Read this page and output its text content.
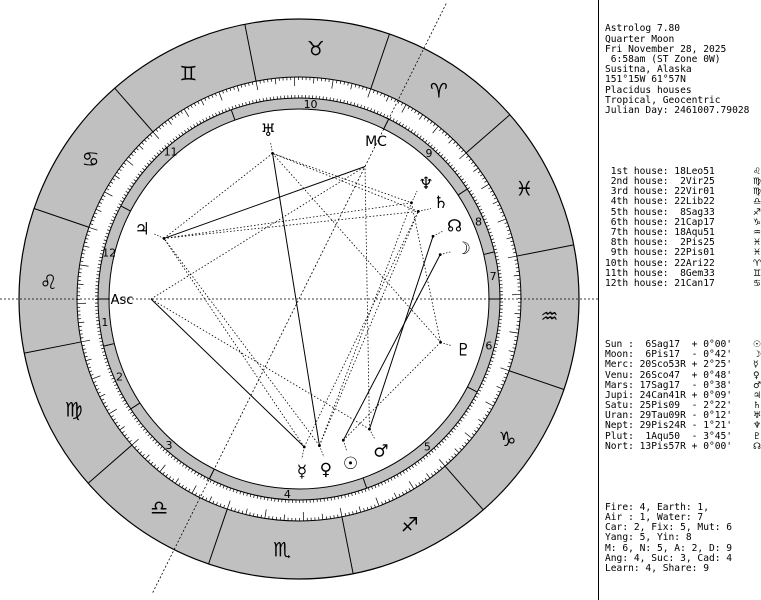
☉
☽
☿ ♀
♂
♃
♄
♅
♆
♇
☊
♌
♍
♎
♏
♐
♑
♒
♓
♈
♉
♊
♋
1
2
3
4
5
6
7
8
9
10
11
12
Asc
MC

Astrolog 7.80
Quarter Moon
Fri November 28, 2025
6:58am (ST Zone 0W)
Susitna, Alaska
151°15W 61°57N
Placidus houses
Tropical, Geocentric
Julian Day: 2461007.79028

1st house: 18Leo51	♌
2nd house:  2Vir25	♍
3rd house: 22Vir01	♍
4th house: 22Lib22	♎
5th house:  8Sag33	♐
6th house: 21Cap17	♑
7th house: 18Aqu51	♒
8th house:  2Pis25	♓
9th house: 22Pis01	♓
10th house: 22Ari22	♈
11th house:  8Gem33	♊
12th house: 21Can17	♋

Sun :  6Sag17  + 0°00' ☉
Moon:  6Pis17  - 0°42' ☽
Merc: 20Sco53R + 2°25' ☿
Venu: 26Sco47  + 0°48' ♀
Mars: 17Sag17  - 0°38' ♂
Jupi: 24Can41R + 0°09' ♃
Satu: 25Pis09  - 2°22' ♄
Uran: 29Tau09R - 0°12' ♅
Nept: 29Pis24R - 1°21' ♆
Plut:  1Aqu50  - 3°45' ♇
Nort: 13Pis57R + 0°00' ☊

Fire: 4, Earth: 1,
Air : 1, Water: 7
Car: 2, Fix: 5, Mut: 6
Yang: 5, Yin: 8
M: 6, N: 5, A: 2, D: 9
Ang: 4, Suc: 3, Cad: 4
Learn: 4, Share: 9
